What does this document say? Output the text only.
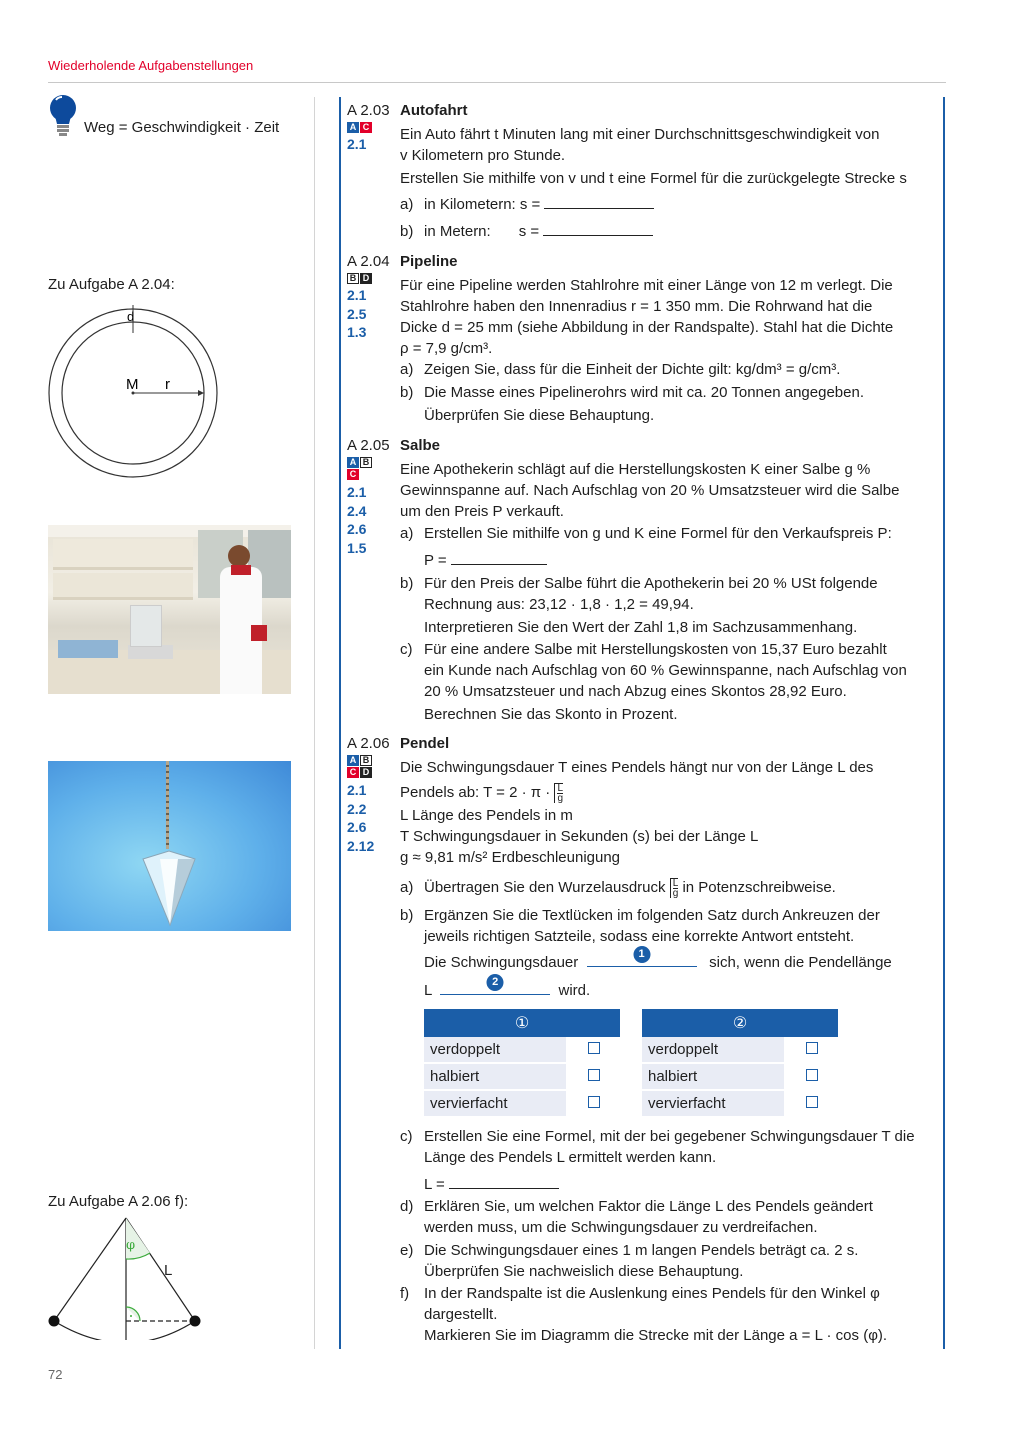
Wiederholende Aufgabenstellungen
Weg = Geschwindigkeit · Zeit
Zu Aufgabe A 2.04:
d
M r
Zu Aufgabe A 2.06 f):
φ
L
72
A 2.03 Autofahrt
A C
2.1
Ein Auto fährt t Minuten lang mit einer Durchschnittsgeschwindigkeit von
v Kilometern pro Stunde.
Erstellen Sie mithilfe von v und t eine Formel für die zurückgelegte Strecke s
a) in Kilometern: s =
b) in Metern: s =
A 2.04 Pipeline
B D
2.1
2.5
1.3
Für eine Pipeline werden Stahlrohre mit einer Länge von 12 m verlegt. Die
Stahlrohre haben den Innenradius r = 1 350 mm. Die Rohrwand hat die
Dicke d = 25 mm (siehe Abbildung in der Randspalte). Stahl hat die Dichte
ρ = 7,9 g/cm³.
a) Zeigen Sie, dass für die Einheit der Dichte gilt: kg/dm³ = g/cm³.
b) Die Masse eines Pipelinerohrs wird mit ca. 20 Tonnen angegeben.
Überprüfen Sie diese Behauptung.
A 2.05 Salbe
A B
C
2.1
2.4
2.6
1.5
Eine Apothekerin schlägt auf die Herstellungskosten K einer Salbe g %
Gewinnspanne auf. Nach Aufschlag von 20 % Umsatzsteuer wird die Salbe
um den Preis P verkauft.
a) Erstellen Sie mithilfe von g und K eine Formel für den Verkaufspreis P:
P =
b) Für den Preis der Salbe führt die Apothekerin bei 20 % USt folgende
Rechnung aus: 23,12 · 1,8 · 1,2 = 49,94.
Interpretieren Sie den Wert der Zahl 1,8 im Sachzusammenhang.
c) Für eine andere Salbe mit Herstellungskosten von 15,37 Euro bezahlt
ein Kunde nach Aufschlag von 60 % Gewinnspanne, nach Aufschlag von
20 % Umsatzsteuer und nach Abzug eines Skontos 28,92 Euro.
Berechnen Sie das Skonto in Prozent.
A 2.06 Pendel
A B
C D
2.1
2.2
2.6
2.12
Die Schwingungsdauer T eines Pendels hängt nur von der Länge L des
Pendels ab: $T = 2 \cdot \pi \cdot \frac{L}{g}$
L Länge des Pendels in m
T Schwingungsdauer in Sekunden (s) bei der Länge L
g ≈ 9,81 m/s² Erdbeschleunigung
a) Übertragen Sie den Wurzelausdruck $\frac{L}{g}$ in Potenzschreibweise.
b) Ergänzen Sie die Textlücken im folgenden Satz durch Ankreuzen der
jeweils richtigen Satzteile, sodass eine korrekte Antwort entsteht.
Die Schwingungsdauer	1	sich, wenn die Pendellänge
L	2	wird.
①	
verdoppelt	
halbiert	
vervierfacht	
②	
verdoppelt	
halbiert	
vervierfacht	
c) Erstellen Sie eine Formel, mit der bei gegebener Schwingungsdauer T die
Länge des Pendels L ermittelt werden kann.
L =
d) Erklären Sie, um welchen Faktor die Länge L des Pendels geändert
werden muss, um die Schwingungsdauer zu verdreifachen.
e) Die Schwingungsdauer eines 1 m langen Pendels beträgt ca. 2 s.
Überprüfen Sie nachweislich diese Behauptung.
f) In der Randspalte ist die Auslenkung eines Pendels für den Winkel φ
dargestellt.
Markieren Sie im Diagramm die Strecke mit der Länge a = L · cos (φ).
